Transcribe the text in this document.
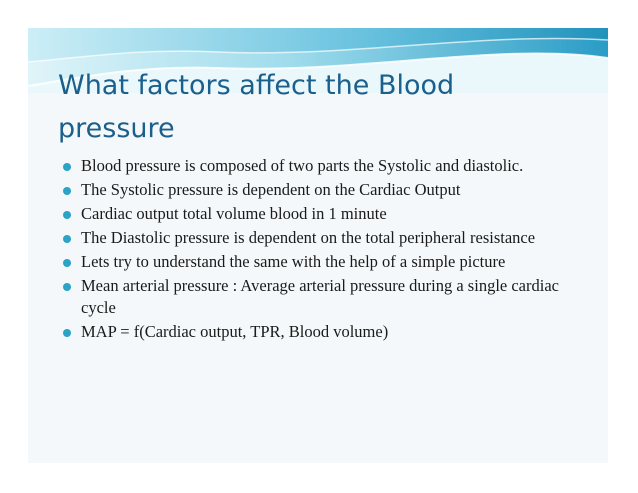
What factors affect the Blood pressure
Blood pressure is composed of two parts the Systolic and diastolic.
The Systolic pressure is dependent on the Cardiac Output
Cardiac output total volume blood in 1 minute
The Diastolic pressure is dependent on the total peripheral resistance
Lets try to understand the same with the help of a simple picture
Mean arterial pressure : Average arterial pressure during a single cardiac cycle
MAP = f(Cardiac output, TPR, Blood volume)
